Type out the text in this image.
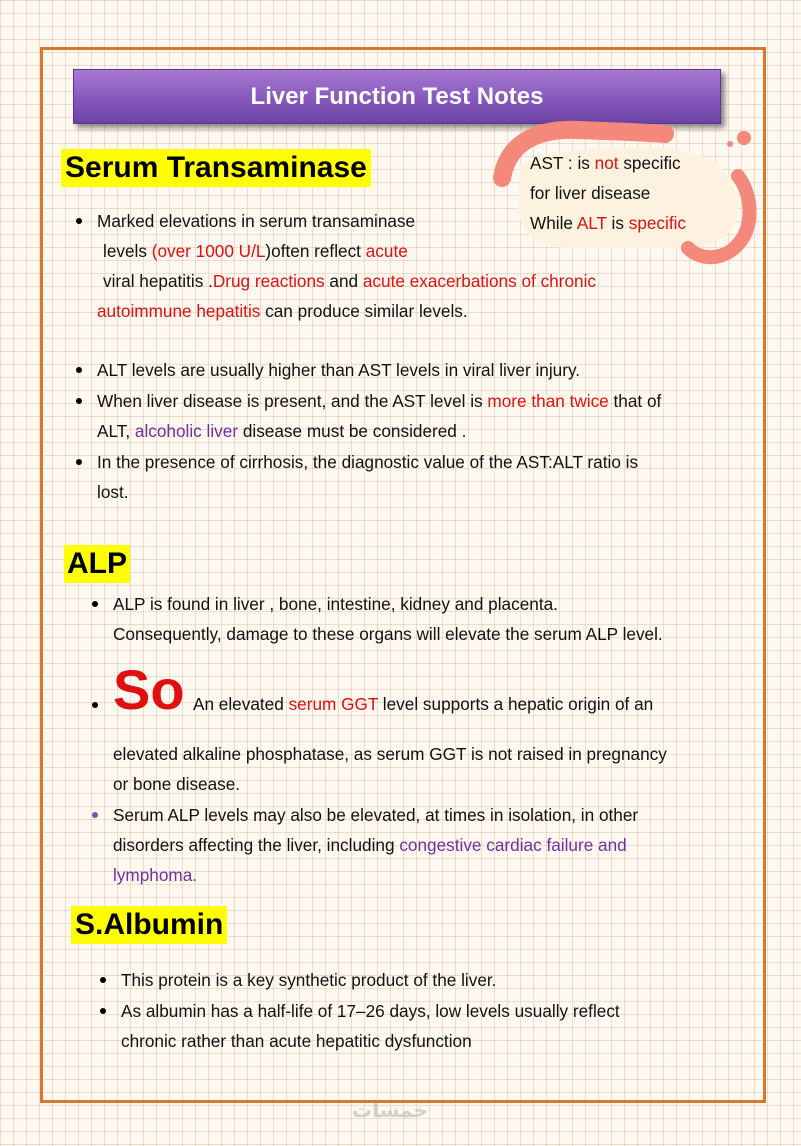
Liver Function Test Notes
AST : is not specific
for liver disease
While ALT is specific
Serum Transaminase
Marked elevations in serum transaminase
levels (over 1000 U/L)often reflect acute
viral hepatitis .Drug reactions and acute exacerbations of chronic
autoimmune hepatitis can produce similar levels.
ALT levels are usually higher than AST levels in viral liver injury.
When liver disease is present, and the AST level is more than twice that of
ALT, alcoholic liver disease must be considered .
In the presence of cirrhosis, the diagnostic value of the AST:ALT ratio is
lost.
ALP
ALP is found in liver , bone, intestine, kidney and placenta.
Consequently, damage to these organs will elevate the serum ALP level.
So An elevated serum GGT level supports a hepatic origin of an
elevated alkaline phosphatase, as serum GGT is not raised in pregnancy
or bone disease.
Serum ALP levels may also be elevated, at times in isolation, in other
disorders affecting the liver, including congestive cardiac failure and
lymphoma.
S.Albumin
This protein is a key synthetic product of the liver.
As albumin has a half-life of 17–26 days, low levels usually reflect
chronic rather than acute hepatitic dysfunction
خمسات
